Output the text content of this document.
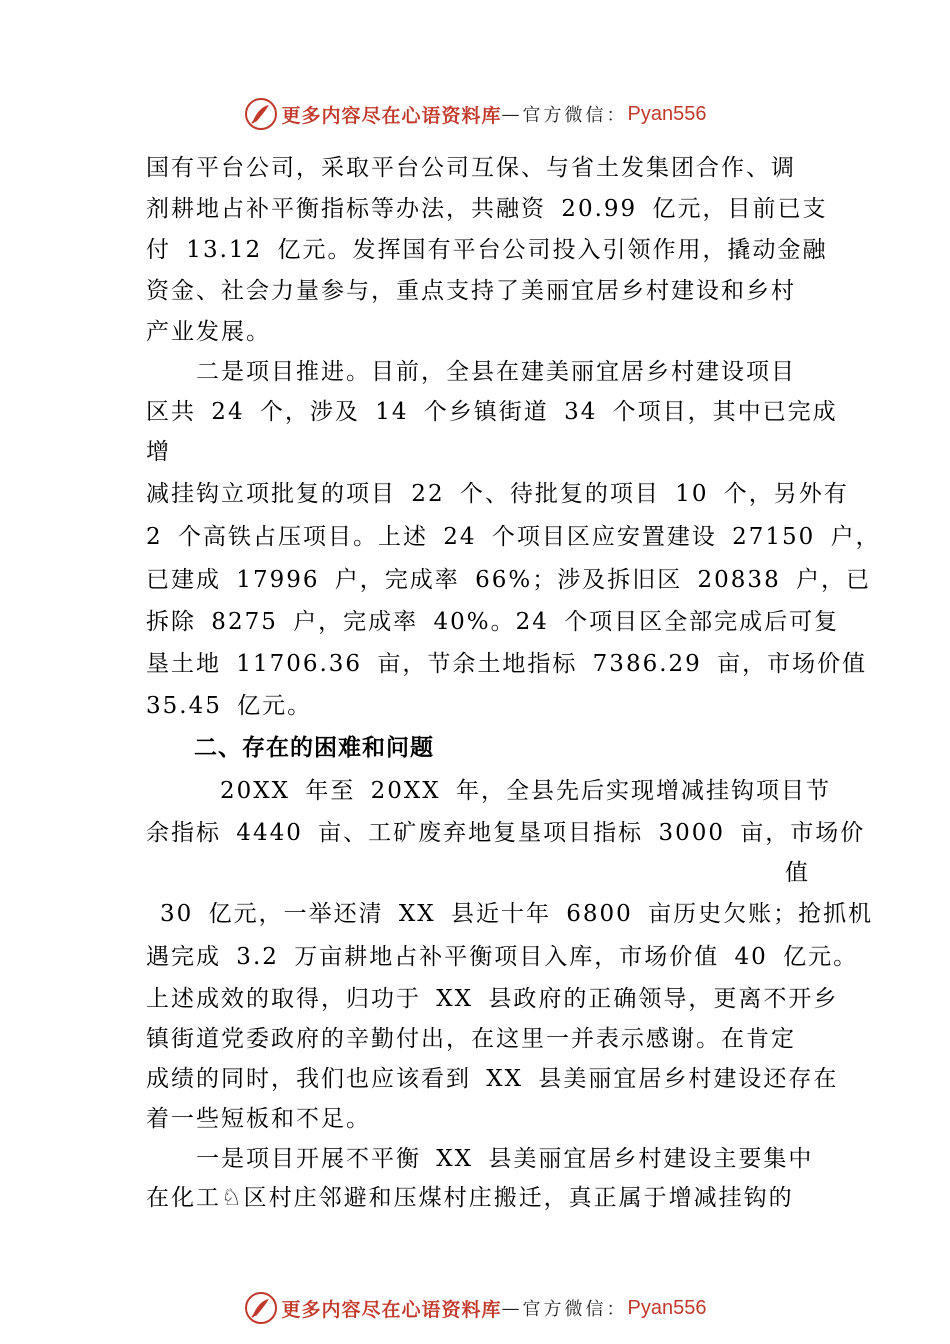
更多内容尽在心语资料库 — 官方微信： Pyan556
国有平台公司，采取平台公司互保、与省土发集团合作、调
剂耕地占补平衡指标等办法，共融资 20.99 亿元，目前已支
付 13.12 亿元。发挥国有平台公司投入引领作用，撬动金融
资金、社会力量参与，重点支持了美丽宜居乡村建设和乡村
产业发展。
二是项目推进。目前，全县在建美丽宜居乡村建设项目
区共 24 个，涉及 14 个乡镇街道 34 个项目，其中已完成
增
减挂钩立项批复的项目 22 个、待批复的项目 10 个，另外有
2 个高铁占压项目。上述 24 个项目区应安置建设 27150 户，
已建成 17996 户，完成率 66%；涉及拆旧区 20838 户，已
拆除 8275 户，完成率 40%。24 个项目区全部完成后可复
垦土地 11706.36 亩，节余土地指标 7386.29 亩，市场价值
35.45 亿元。
二、存在的困难和问题
20XX 年至 20XX 年，全县先后实现增减挂钩项目节
余指标 4440 亩、工矿废弃地复垦项目指标 3000 亩，市场价
值
30 亿元，一举还清 XX 县近十年 6800 亩历史欠账；抢抓机
遇完成 3.2 万亩耕地占补平衡项目入库，市场价值 40 亿元。
上述成效的取得，归功于 XX 县政府的正确领导，更离不开乡
镇街道党委政府的辛勤付出，在这里一并表示感谢。在肯定
成绩的同时，我们也应该看到 XX 县美丽宜居乡村建设还存在
着一些短板和不足。
一是项目开展不平衡 XX 县美丽宜居乡村建设主要集中
在化工♘区村庄邻避和压煤村庄搬迁，真正属于增减挂钩的
更多内容尽在心语资料库 — 官方微信： Pyan556
